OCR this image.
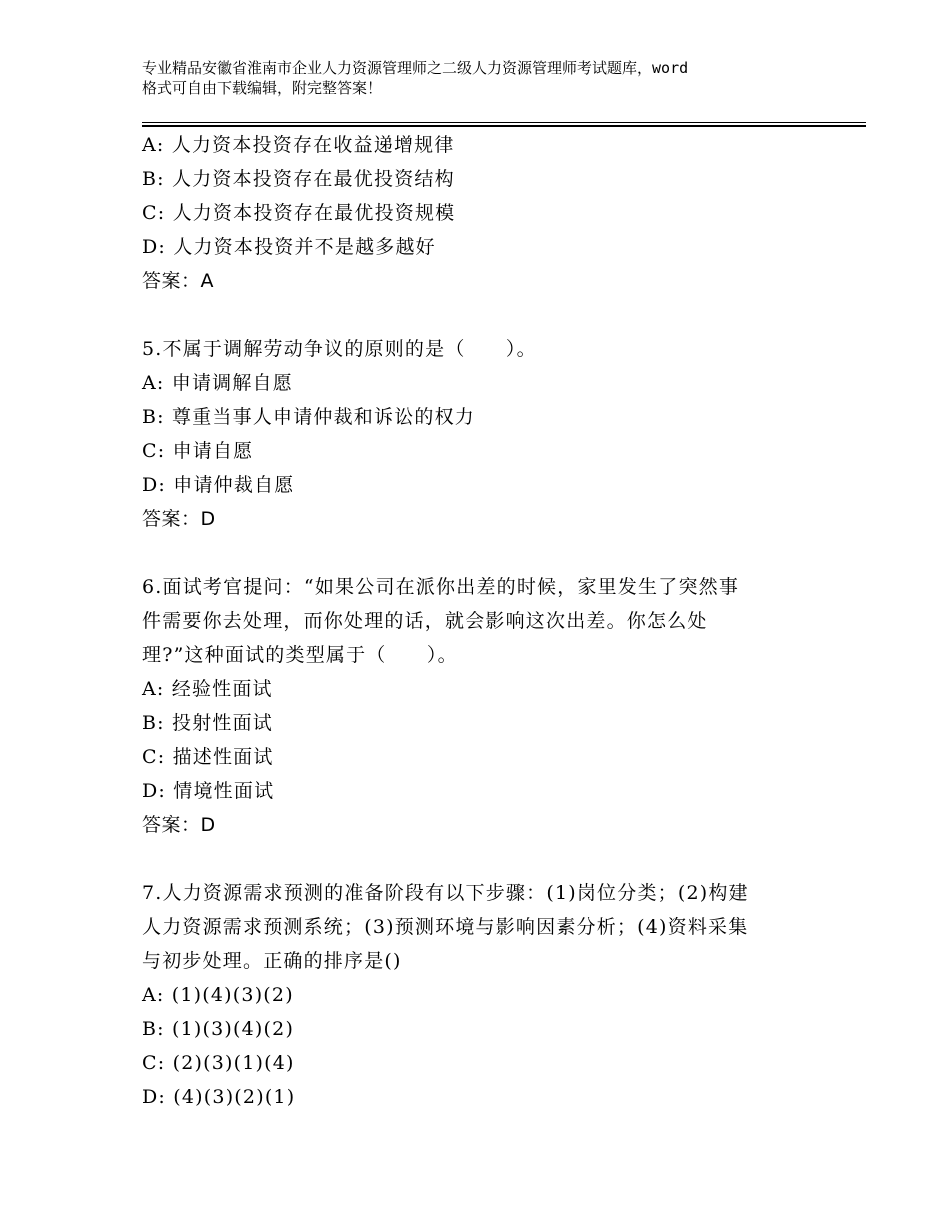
专业精品安徽省淮南市企业人力资源管理师之二级人力资源管理师考试题库，word
格式可自由下载编辑，附完整答案！
A: 人力资本投资存在收益递增规律
B: 人力资本投资存在最优投资结构
C: 人力资本投资存在最优投资规模
D: 人力资本投资并不是越多越好
答案：A
5.不属于调解劳动争议的原则的是（　　）。
A: 申请调解自愿
B: 尊重当事人申请仲裁和诉讼的权力
C: 申请自愿
D: 申请仲裁自愿
答案：D
6.面试考官提问：“如果公司在派你出差的时候，家里发生了突然事
件需要你去处理，而你处理的话，就会影响这次出差。你怎么处
理?”这种面试的类型属于（　　）。
A: 经验性面试
B: 投射性面试
C: 描述性面试
D: 情境性面试
答案：D
7.人力资源需求预测的准备阶段有以下步骤：(1)岗位分类；(2)构建
人力资源需求预测系统；(3)预测环境与影响因素分析；(4)资料采集
与初步处理。正确的排序是()
A: (1)(4)(3)(2)
B: (1)(3)(4)(2)
C: (2)(3)(1)(4)
D: (4)(3)(2)(1)
